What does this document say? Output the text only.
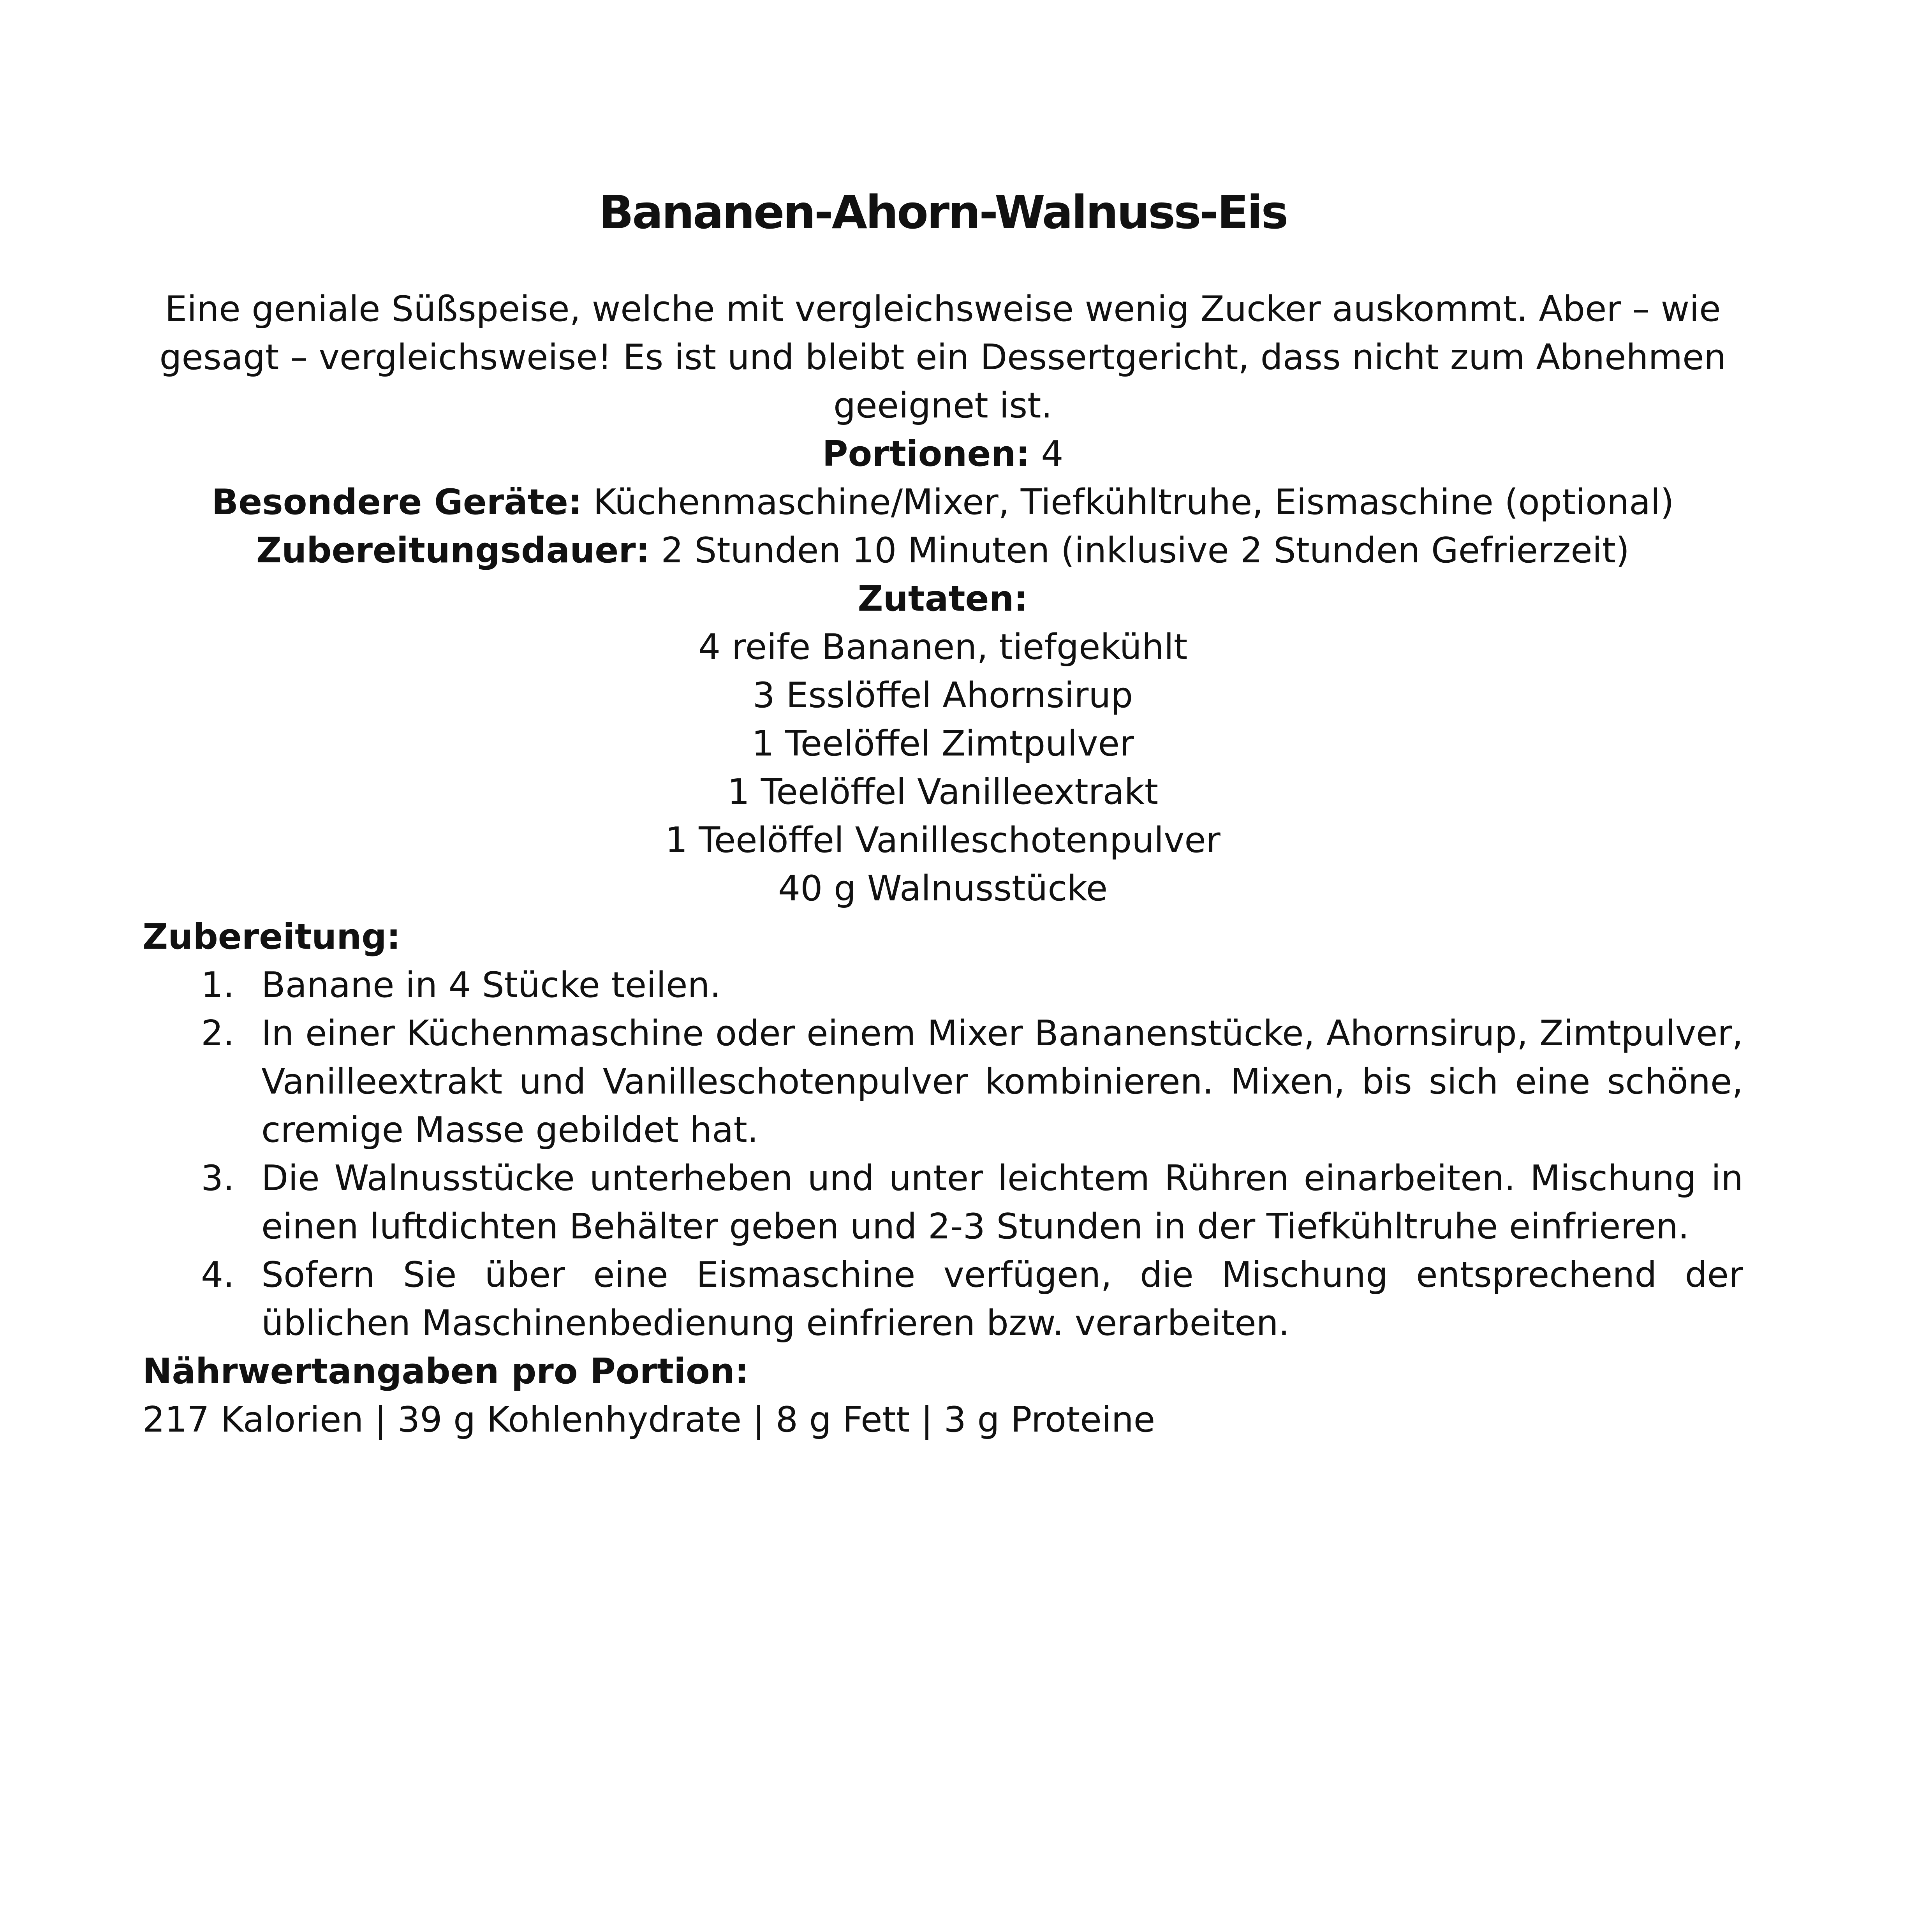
Bananen-Ahorn-Walnuss-Eis

Eine geniale Süßspeise, welche mit vergleichsweise wenig Zucker auskommt. Aber – wie gesagt – vergleichsweise! Es ist und bleibt ein Dessertgericht, dass nicht zum Abnehmen geeignet ist.

Portionen: 4

Besondere Geräte: Küchenmaschine/Mixer, Tiefkühltruhe, Eismaschine (optional)

Zubereitungsdauer: 2 Stunden 10 Minuten (inklusive 2 Stunden Gefrierzeit)

Zutaten:

4 reife Bananen, tiefgekühlt
3 Esslöffel Ahornsirup
1 Teelöffel Zimtpulver
1 Teelöffel Vanilleextrakt
1 Teelöffel Vanilleschotenpulver
40 g Walnusstücke

Zubereitung:

1. Banane in 4 Stücke teilen.
2. In einer Küchenmaschine oder einem Mixer Bananenstücke, Ahornsirup, Zimtpulver, Vanilleextrakt und Vanilleschotenpulver kombinieren. Mixen, bis sich eine schöne, cremige Masse gebildet hat.
3. Die Walnusstücke unterheben und unter leichtem Rühren einarbeiten. Mischung in einen luftdichten Behälter geben und 2-3 Stunden in der Tiefkühltruhe einfrieren.
4. Sofern Sie über eine Eismaschine verfügen, die Mischung entsprechend der üblichen Maschinenbedienung einfrieren bzw. verarbeiten.

Nährwertangaben pro Portion:

217 Kalorien | 39 g Kohlenhydrate | 8 g Fett | 3 g Proteine
